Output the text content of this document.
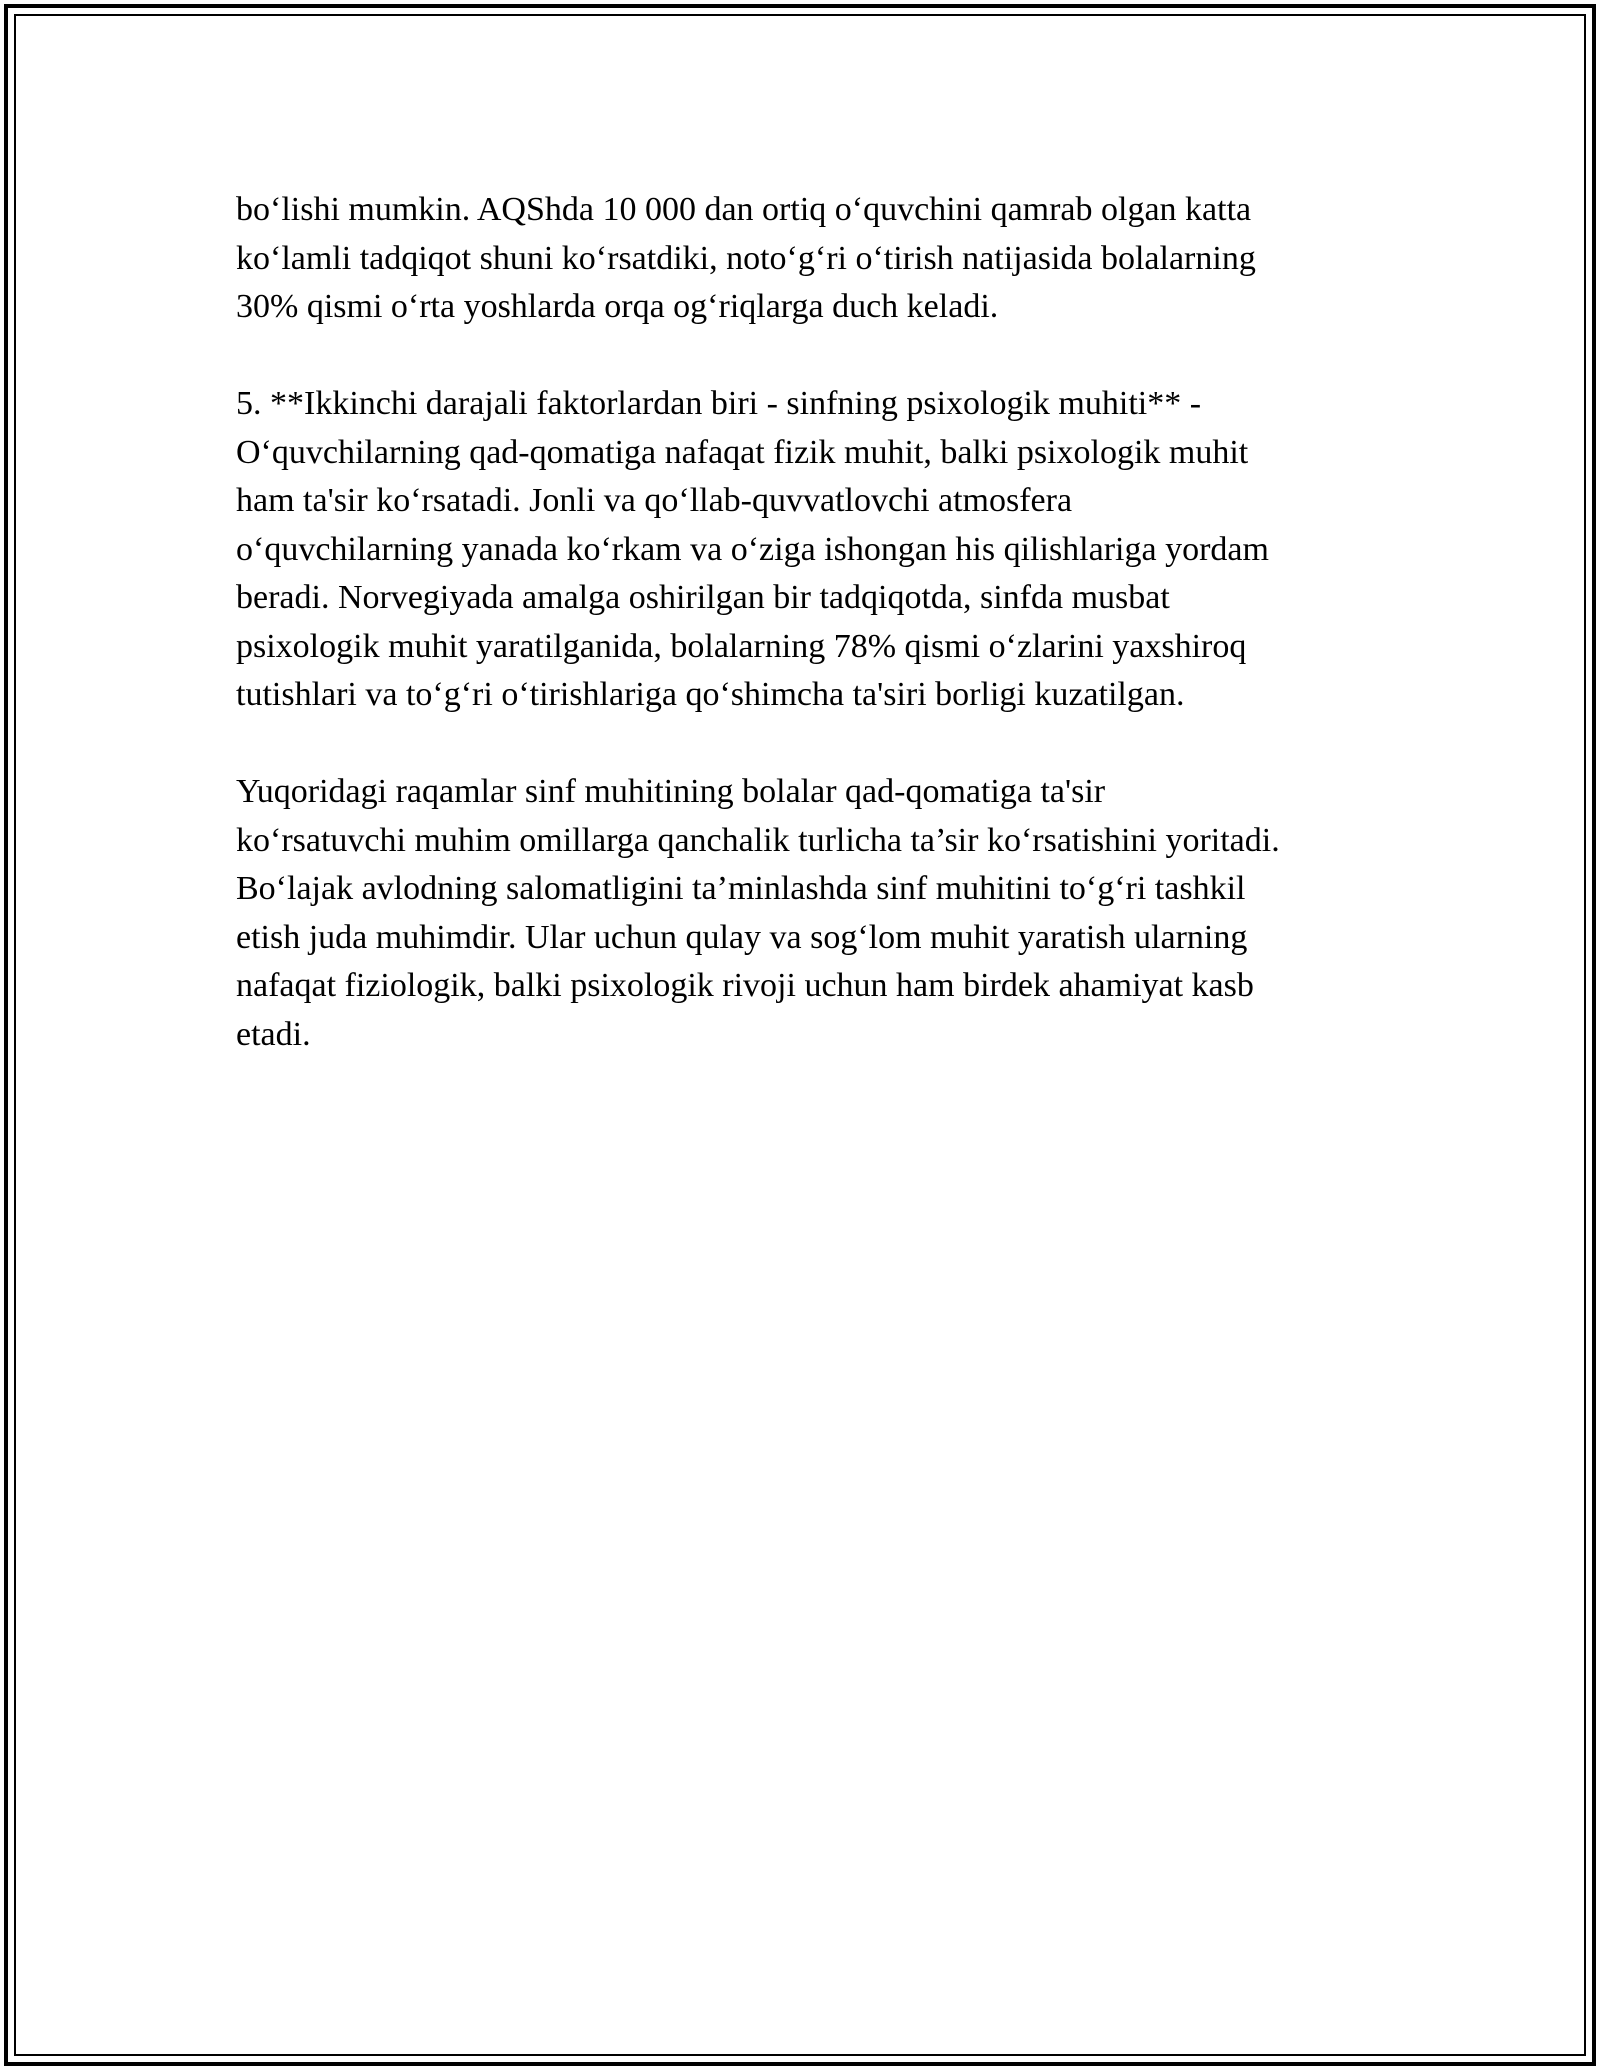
bo‘lishi mumkin. AQShda 10 000 dan ortiq o‘quvchini qamrab olgan katta
ko‘lamli tadqiqot shuni ko‘rsatdiki, noto‘g‘ri o‘tirish natijasida bolalarning
30% qismi o‘rta yoshlarda orqa og‘riqlarga duch keladi.

5. **Ikkinchi darajali faktorlardan biri - sinfning psixologik muhiti** -
O‘quvchilarning qad-qomatiga nafaqat fizik muhit, balki psixologik muhit
ham ta'sir ko‘rsatadi. Jonli va qo‘llab-quvvatlovchi atmosfera
o‘quvchilarning yanada ko‘rkam va o‘ziga ishongan his qilishlariga yordam
beradi. Norvegiyada amalga oshirilgan bir tadqiqotda, sinfda musbat
psixologik muhit yaratilganida, bolalarning 78% qismi o‘zlarini yaxshiroq
tutishlari va to‘g‘ri o‘tirishlariga qo‘shimcha ta'siri borligi kuzatilgan.

Yuqoridagi raqamlar sinf muhitining bolalar qad-qomatiga ta'sir
ko‘rsatuvchi muhim omillarga qanchalik turlicha ta’sir ko‘rsatishini yoritadi.
Bo‘lajak avlodning salomatligini ta’minlashda sinf muhitini to‘g‘ri tashkil
etish juda muhimdir. Ular uchun qulay va sog‘lom muhit yaratish ularning
nafaqat fiziologik, balki psixologik rivoji uchun ham birdek ahamiyat kasb
etadi.
